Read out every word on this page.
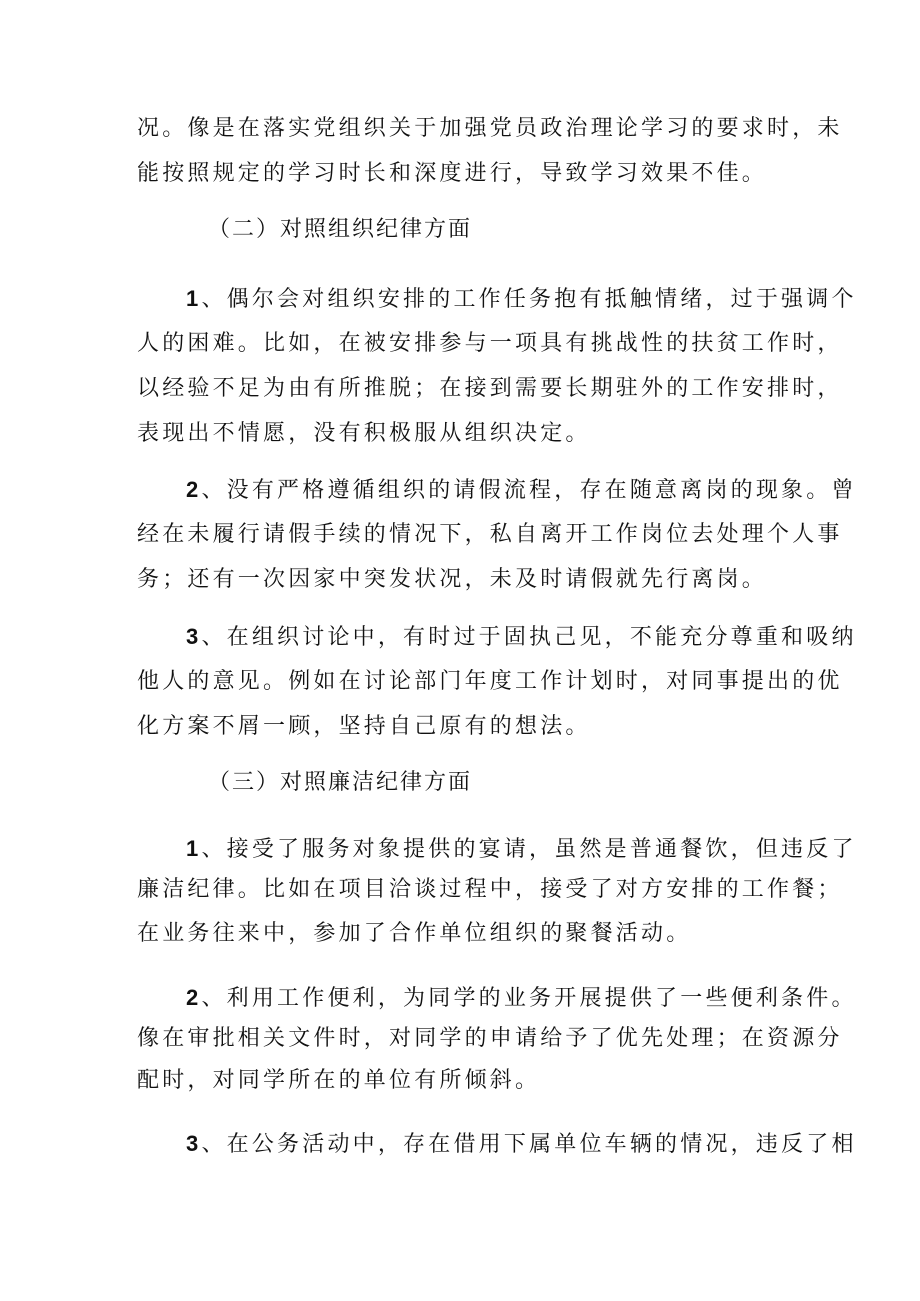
况。像是在落实党组织关于加强党员政治理论学习的要求时，未
能按照规定的学习时长和深度进行，导致学习效果不佳。
（二）对照组织纪律方面
1、偶尔会对组织安排的工作任务抱有抵触情绪，过于强调个
人的困难。比如，在被安排参与一项具有挑战性的扶贫工作时，
以经验不足为由有所推脱；在接到需要长期驻外的工作安排时，
表现出不情愿，没有积极服从组织决定。
2、没有严格遵循组织的请假流程，存在随意离岗的现象。曾
经在未履行请假手续的情况下，私自离开工作岗位去处理个人事
务；还有一次因家中突发状况，未及时请假就先行离岗。
3、在组织讨论中，有时过于固执己见，不能充分尊重和吸纳
他人的意见。例如在讨论部门年度工作计划时，对同事提出的优
化方案不屑一顾，坚持自己原有的想法。
（三）对照廉洁纪律方面
1、接受了服务对象提供的宴请，虽然是普通餐饮，但违反了
廉洁纪律。比如在项目洽谈过程中，接受了对方安排的工作餐；
在业务往来中，参加了合作单位组织的聚餐活动。
2、利用工作便利，为同学的业务开展提供了一些便利条件。
像在审批相关文件时，对同学的申请给予了优先处理；在资源分
配时，对同学所在的单位有所倾斜。
3、在公务活动中，存在借用下属单位车辆的情况，违反了相
